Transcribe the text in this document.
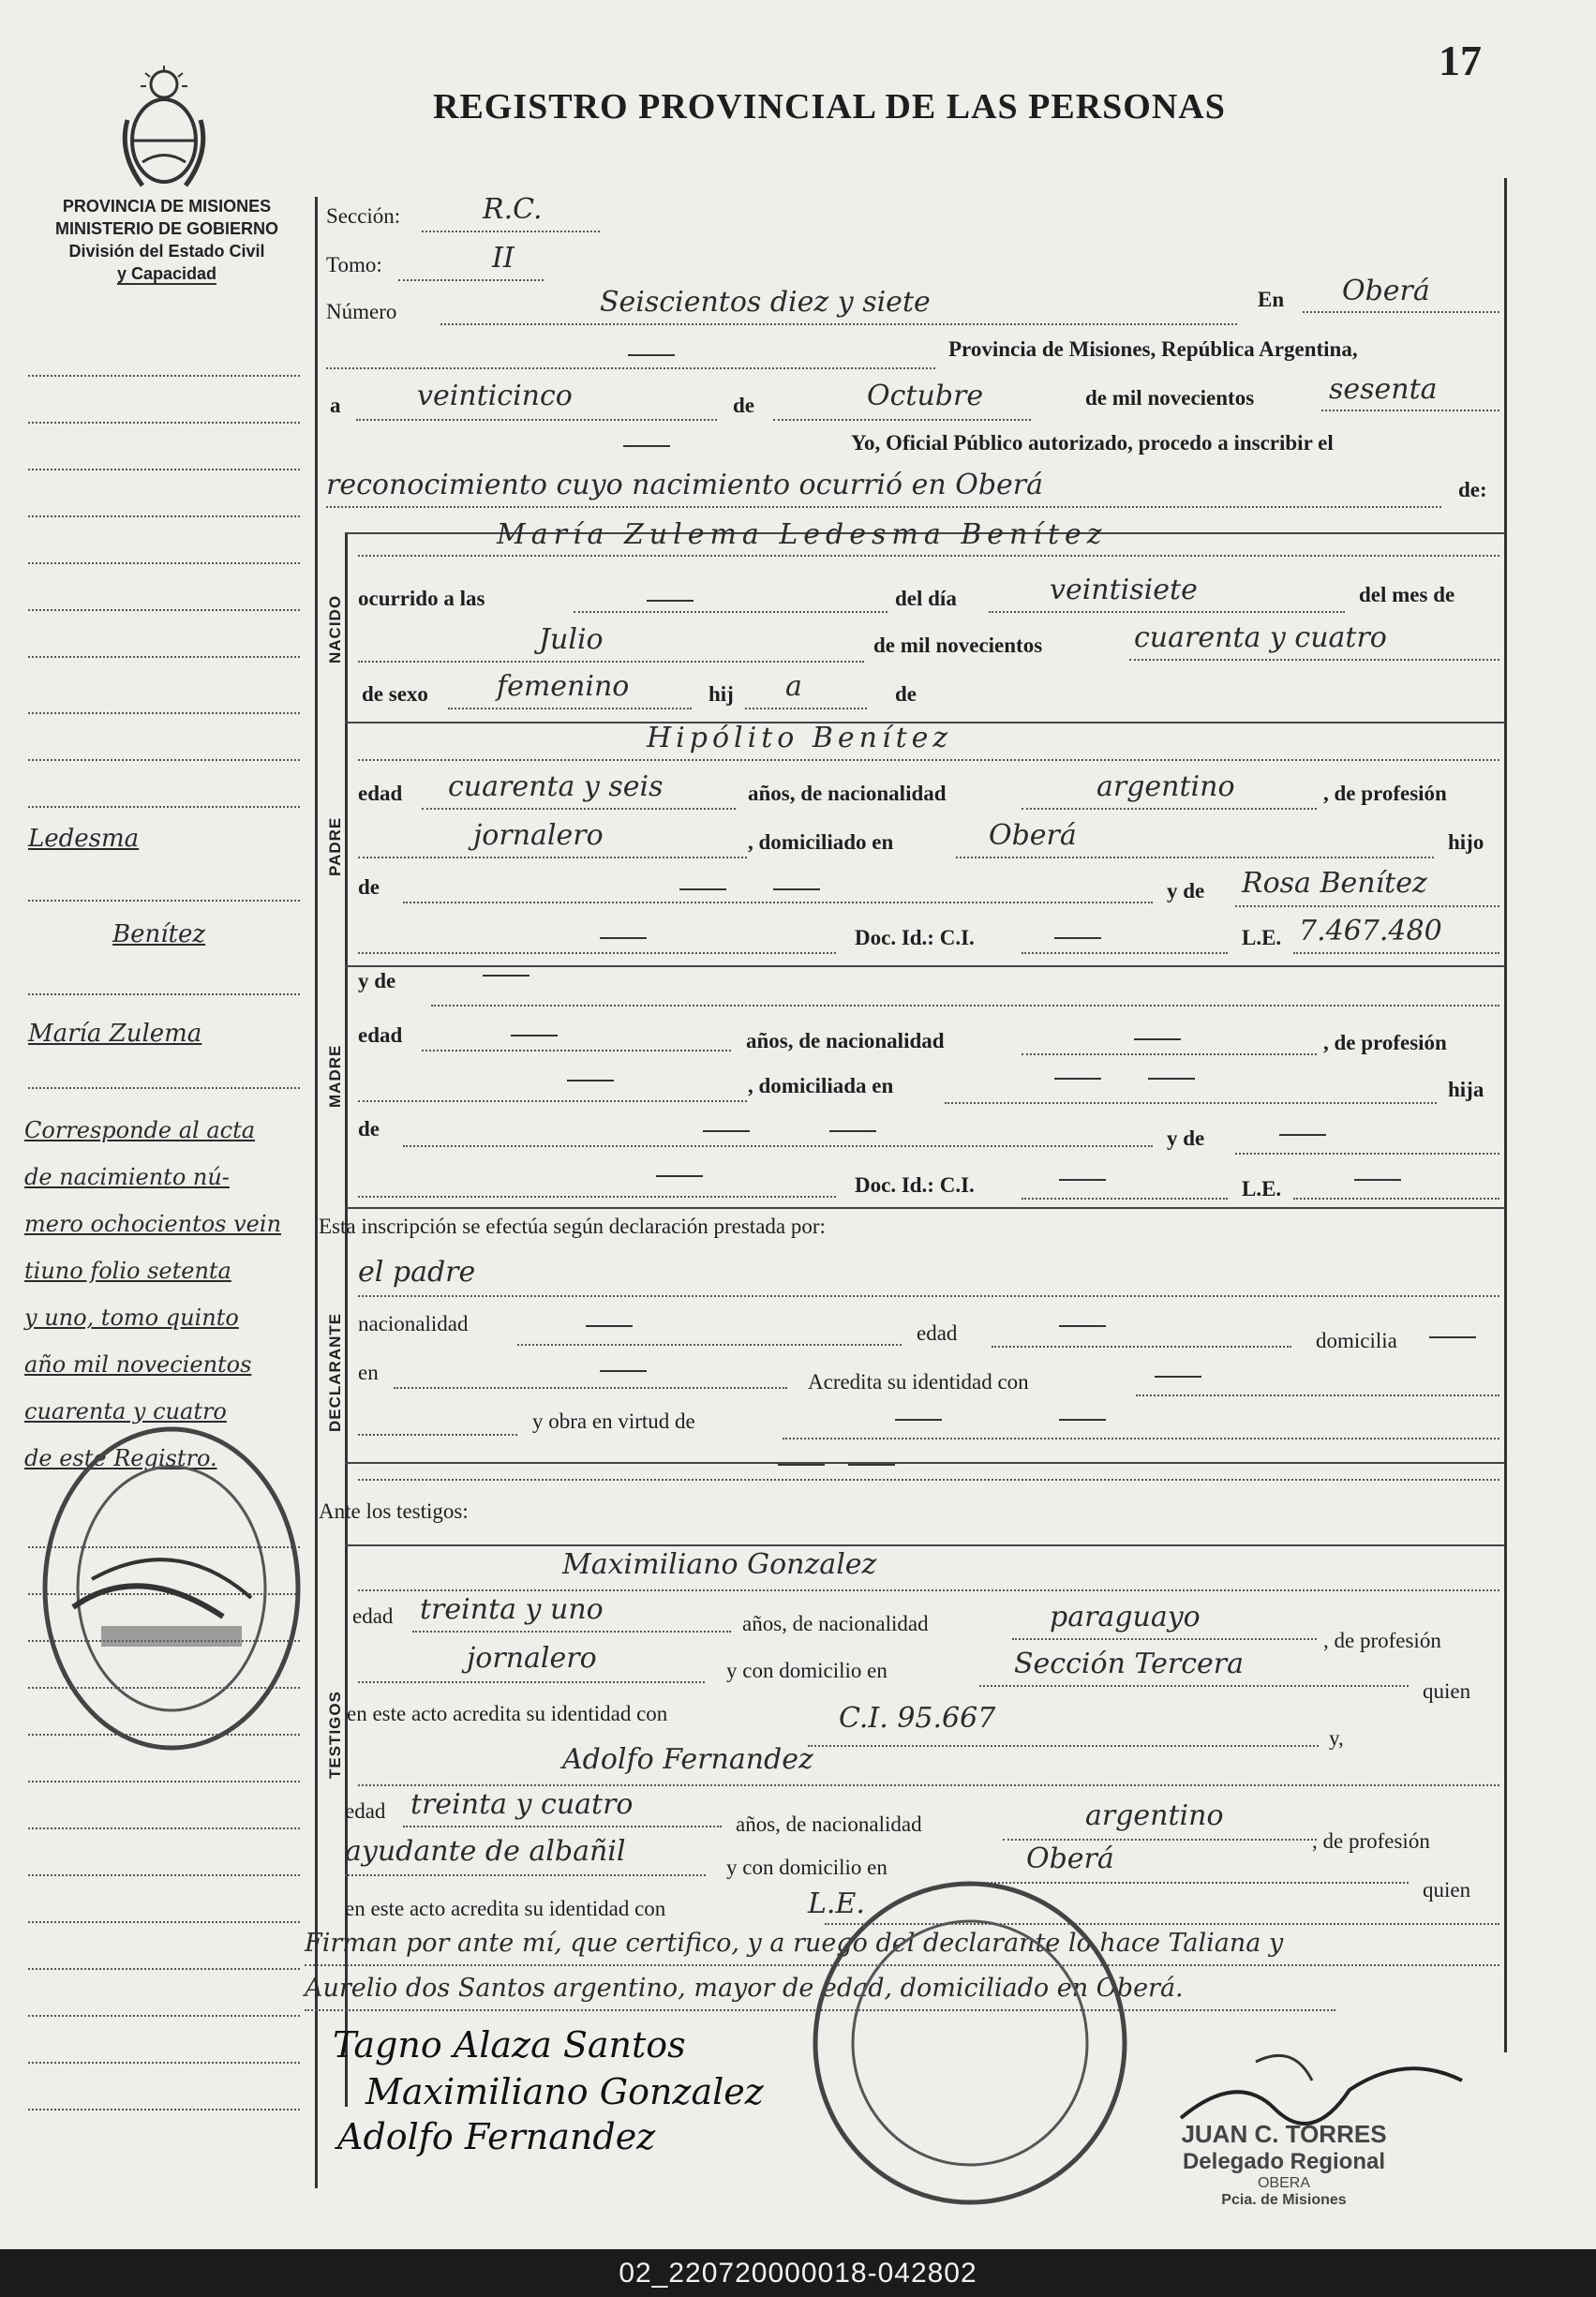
17
REGISTRO PROVINCIAL DE LAS PERSONAS
PROVINCIA DE MISIONES
MINISTERIO DE GOBIERNO
División del Estado Civil
y Capacidad
Ledesma
Benítez
María Zulema
Corresponde al acta
de nacimiento nú-
mero ochocientos vein
tiuno folio setenta
y uno, tomo quinto
año mil novecientos
cuarenta y cuatro
de este Registro.
Sección:	R.C.
Tomo:	II
Número	Seiscientos diez y siete	En Oberá
Provincia de Misiones, República Argentina,
a	veinticinco	de	Octubre	de mil novecientos	sesenta
Yo, Oficial Público autorizado, procedo a inscribir el
reconocimiento cuyo nacimiento ocurrió en Oberá	de:
NACIDO
María Zulema Ledesma Benítez
ocurrido a las	del día	veintisiete	del mes de
Julio	de mil novecientos	cuarenta y cuatro
de sexo femenino	hij a	de
PADRE
Hipólito Benítez
edad cuarenta y seis	años, de nacionalidad	argentino	, de profesión
jornalero	, domiciliado en	Oberá	hijo
de	y de Rosa Benítez
Doc. Id.: C.I.	L.E. 7.467.480
MADRE
y de
edad	años, de nacionalidad	, de profesión
, domiciliada en	hija
de	y de
Doc. Id.: C.I.	L.E.
Esta inscripción se efectúa según declaración prestada por:
DECLARANTE
el padre
nacionalidad	edad	domicilia
en	Acredita su identidad con
y obra en virtud de
Ante los testigos:
TESTIGOS
Maximiliano Gonzalez
edad treinta y uno	años, de nacionalidad	paraguayo
, de profesión
jornalero	y con domicilio en	Sección Tercera
quien
en este acto acredita su identidad con	C.I. 95.667
y,
Adolfo Fernandez
edad treinta y cuatro
años, de nacionalidad	argentino
, de profesión
ayudante de albañil	y con domicilio en	Oberá
quien
en este acto acredita su identidad con	L.E.
Firman por ante mí, que certifico, y a ruego del declarante lo hace Taliana y
Aurelio dos Santos argentino, mayor de edad, domiciliado en Oberá.
Tagno Alaza Santos
Maximiliano Gonzalez
Adolfo Fernandez	JUAN C. TORRES
Delegado Regional
OBERA
Pcia. de Misiones
02_220720000018-042802
